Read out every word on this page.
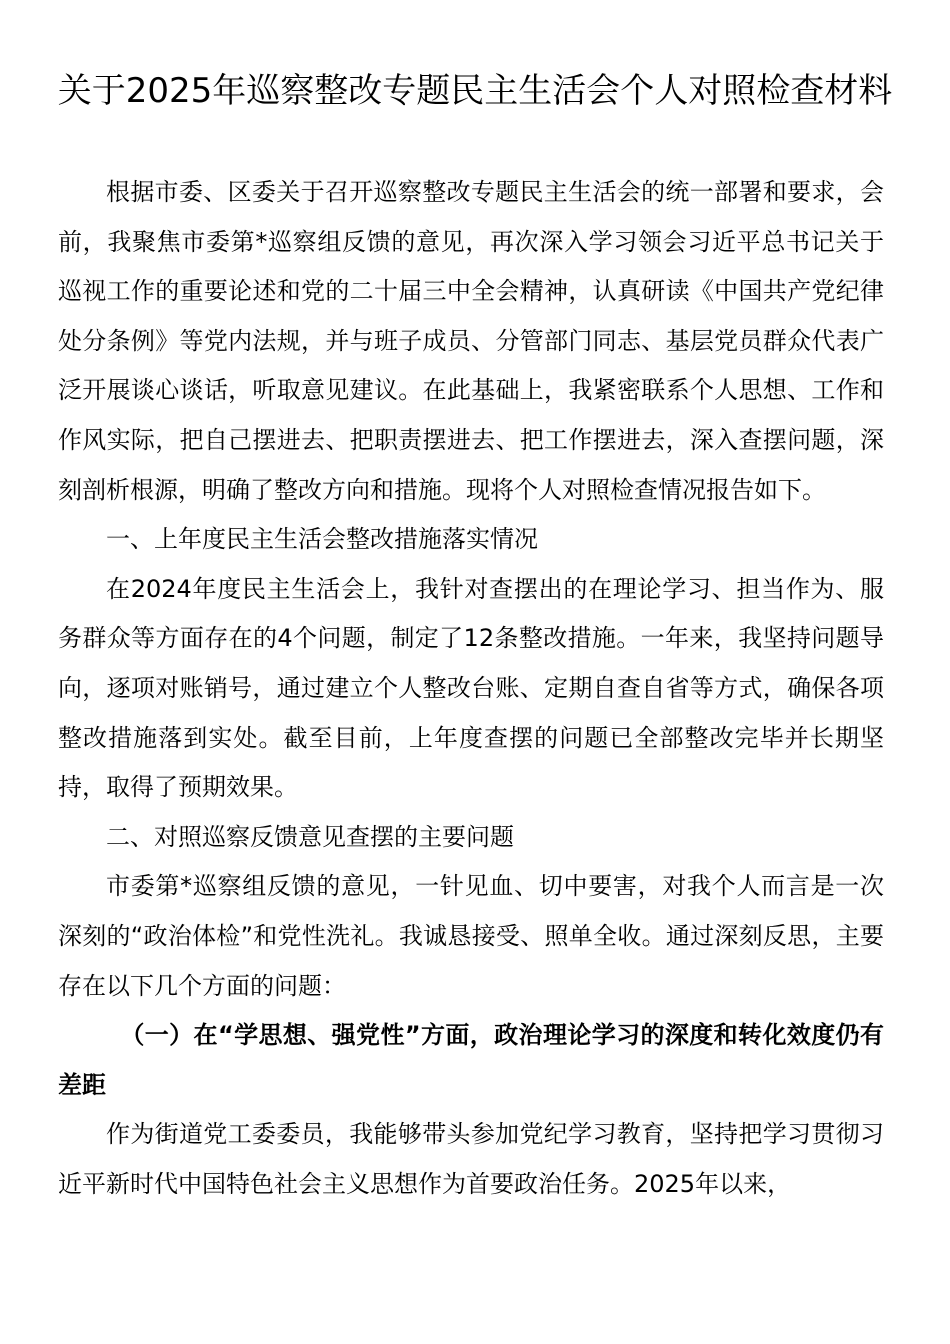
关于2025年巡察整改专题民主生活会个人对照检查材料

根据市委、区委关于召开巡察整改专题民主生活会的统一部署和要求，会前，我聚焦市委第*巡察组反馈的意见，再次深入学习领会习近平总书记关于巡视工作的重要论述和党的二十届三中全会精神，认真研读《中国共产党纪律处分条例》等党内法规，并与班子成员、分管部门同志、基层党员群众代表广泛开展谈心谈话，听取意见建议。在此基础上，我紧密联系个人思想、工作和作风实际，把自己摆进去、把职责摆进去、把工作摆进去，深入查摆问题，深刻剖析根源，明确了整改方向和措施。现将个人对照检查情况报告如下。

一、上年度民主生活会整改措施落实情况

在2024年度民主生活会上，我针对查摆出的在理论学习、担当作为、服务群众等方面存在的4个问题，制定了12条整改措施。一年来，我坚持问题导向，逐项对账销号，通过建立个人整改台账、定期自查自省等方式，确保各项整改措施落到实处。截至目前，上年度查摆的问题已全部整改完毕并长期坚持，取得了预期效果。

二、对照巡察反馈意见查摆的主要问题

市委第*巡察组反馈的意见，一针见血、切中要害，对我个人而言是一次深刻的“政治体检”和党性洗礼。我诚恳接受、照单全收。通过深刻反思，主要存在以下几个方面的问题：

（一）在“学思想、强党性”方面，政治理论学习的深度和转化效度仍有差距

作为街道党工委委员，我能够带头参加党纪学习教育，坚持把学习贯彻习近平新时代中国特色社会主义思想作为首要政治任务。2025年以来，
